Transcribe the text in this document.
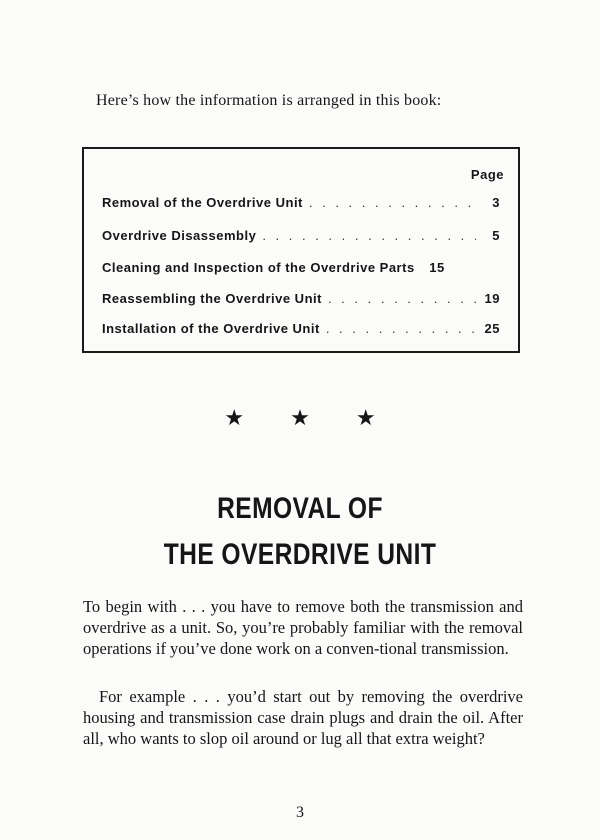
Here’s how the information is arranged in this book:
Page
Removal of the Overdrive Unit . . .	3
Overdrive Disassembly . . .	5
Cleaning and Inspection of the Overdrive Parts 15
Reassembling the Overdrive Unit . . .	19
Installation of the Overdrive Unit . . .	25
★ ★ ★
REMOVAL OF
THE OVERDRIVE UNIT

To begin with . . . you have to remove both the transmission and overdrive as a unit. So, you’re probably familiar with the removal operations if you’ve done work on a conven-tional transmission.

For example . . . you’d start out by removing the overdrive housing and transmission case drain plugs and drain the oil. After all, who wants to slop oil around or lug all that extra weight?

3
